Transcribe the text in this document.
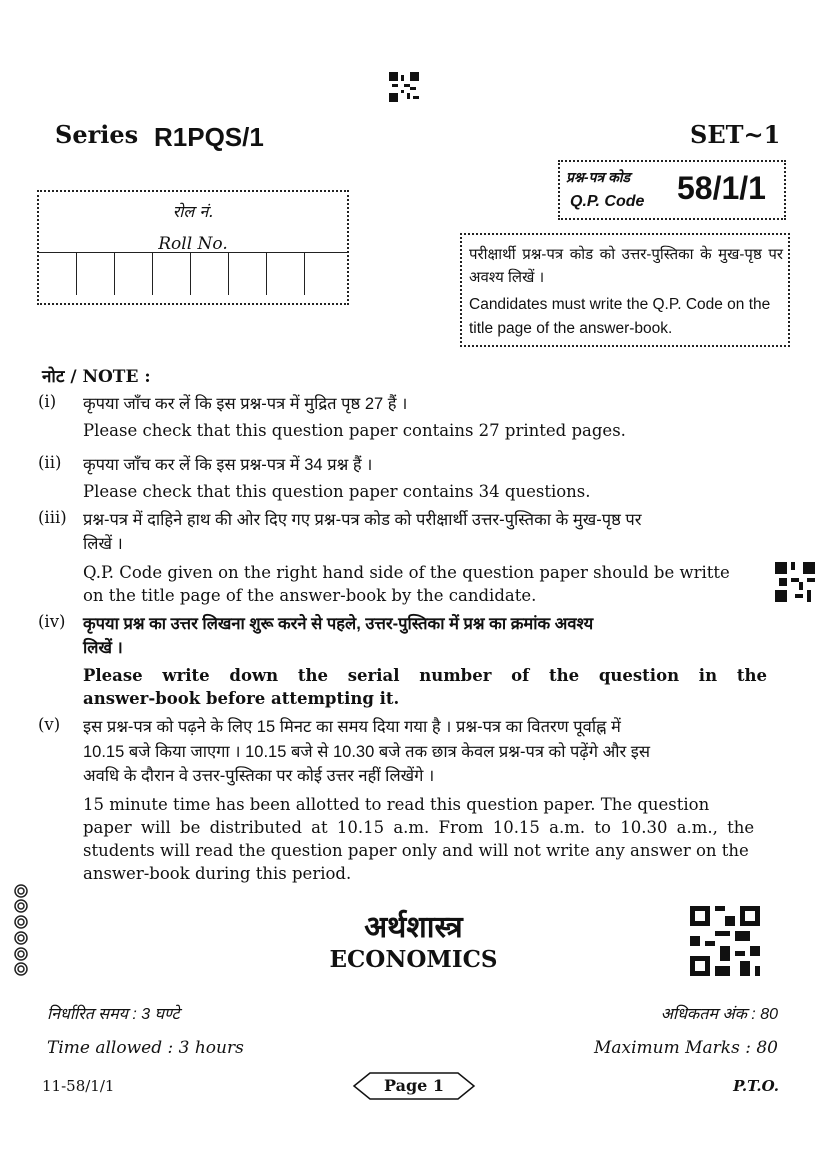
Series R1PQS/1	SET~1
प्रश्न-पत्र कोड
Q.P. Code 58/1/1
रोल नं.
Roll No.
परीक्षार्थी प्रश्न-पत्र कोड को उत्तर-पुस्तिका के मुख-पृष्ठ पर अवश्य लिखें ।
Candidates must write the Q.P. Code on the title page of the answer-book.
नोट / NOTE :
(i) कृपया जाँच कर लें कि इस प्रश्न-पत्र में मुद्रित पृष्ठ 27 हैं ।
Please check that this question paper contains 27 printed pages.
(ii) कृपया जाँच कर लें कि इस प्रश्न-पत्र में 34 प्रश्न हैं ।
Please check that this question paper contains 34 questions.
(iii) प्रश्न-पत्र में दाहिने हाथ की ओर दिए गए प्रश्न-पत्र कोड को परीक्षार्थी उत्तर-पुस्तिका के मुख-पृष्ठ पर
लिखें ।
Q.P. Code given on the right hand side of the question paper should be writte
on the title page of the answer-book by the candidate.
(iv) कृपया प्रश्न का उत्तर लिखना शुरू करने से पहले, उत्तर-पुस्तिका में प्रश्न का क्रमांक अवश्य
लिखें ।
Please write down the serial number of the question in the
answer-book before attempting it.
(v) इस प्रश्न-पत्र को पढ़ने के लिए 15 मिनट का समय दिया गया है । प्रश्न-पत्र का वितरण पूर्वाह्न में
10.15 बजे किया जाएगा । 10.15 बजे से 10.30 बजे तक छात्र केवल प्रश्न-पत्र को पढ़ेंगे और इस
अवधि के दौरान वे उत्तर-पुस्तिका पर कोई उत्तर नहीं लिखेंगे ।
15 minute time has been allotted to read this question paper. The question
paper will be distributed at 10.15 a.m. From 10.15 a.m. to 10.30 a.m., the
students will read the question paper only and will not write any answer on the
answer-book during this period.
अर्थशास्त्र
ECONOMICS
निर्धारित समय : 3 घण्टे	अधिकतम अंक : 80
Time allowed : 3 hours	Maximum Marks : 80
11-58/1/1	Page 1	P.T.O.
